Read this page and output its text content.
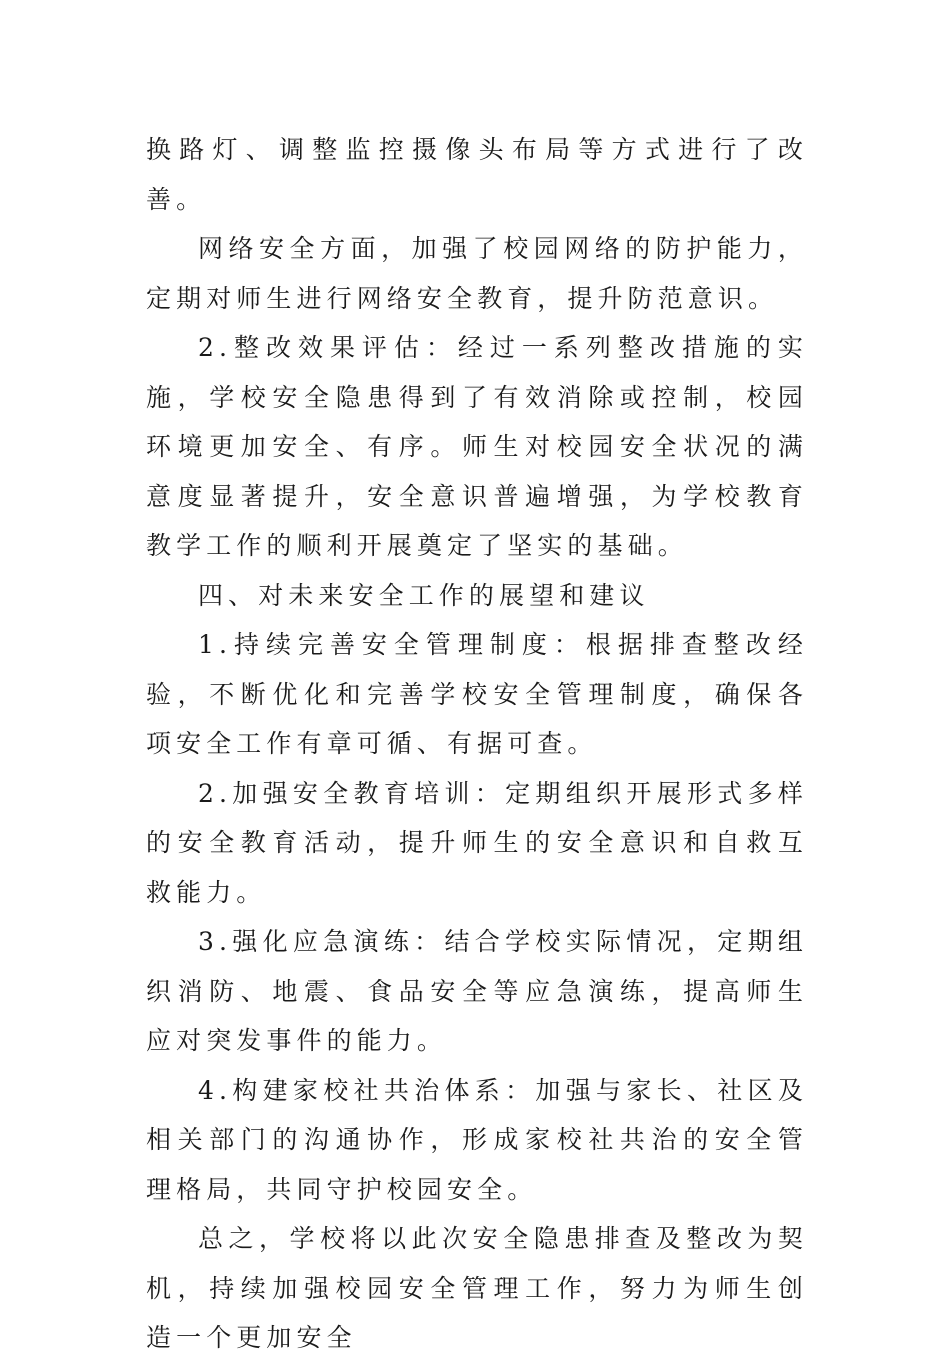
换路灯、调整监控摄像头布局等方式进行了改善。

网络安全方面，加强了校园网络的防护能力，定期对师生进行网络安全教育，提升防范意识。

2.整改效果评估：经过一系列整改措施的实施，学校安全隐患得到了有效消除或控制，校园环境更加安全、有序。师生对校园安全状况的满意度显著提升，安全意识普遍增强，为学校教育教学工作的顺利开展奠定了坚实的基础。

四、对未来安全工作的展望和建议

1.持续完善安全管理制度：根据排查整改经验，不断优化和完善学校安全管理制度，确保各项安全工作有章可循、有据可查。

2.加强安全教育培训：定期组织开展形式多样的安全教育活动，提升师生的安全意识和自救互救能力。

3.强化应急演练：结合学校实际情况，定期组织消防、地震、食品安全等应急演练，提高师生应对突发事件的能力。

4.构建家校社共治体系：加强与家长、社区及相关部门的沟通协作，形成家校社共治的安全管理格局，共同守护校园安全。

总之，学校将以此次安全隐患排查及整改为契机，持续加强校园安全管理工作，努力为师生创造一个更加安全
